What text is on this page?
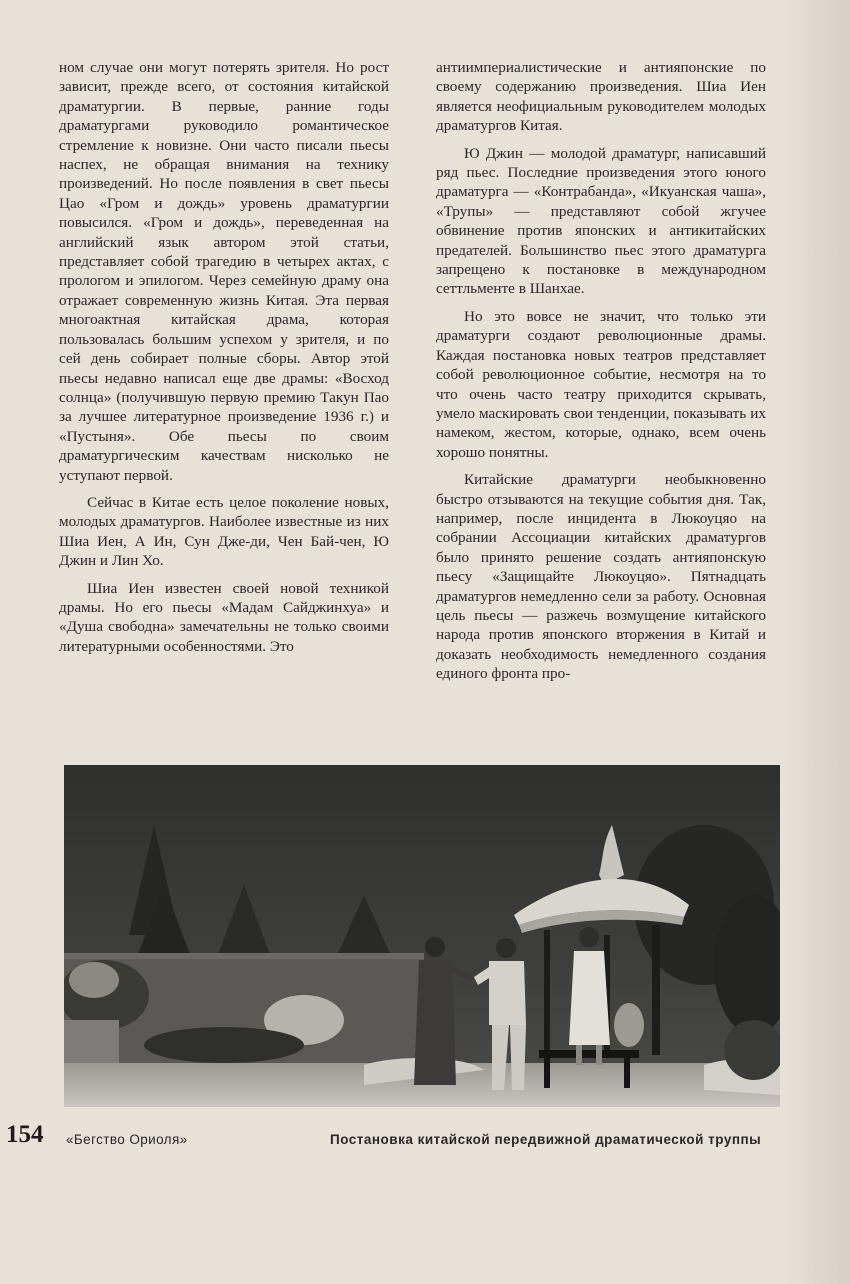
ном случае они могут потерять зрителя. Но рост зависит, прежде всего, от состояния китайской драматургии. В первые, ранние годы драматургами руководило романтическое стремление к новизне. Они часто писали пьесы наспех, не обращая внимания на технику произведений. Но после появления в свет пьесы Цао «Гром и дождь» уровень драматургии повысился. «Гром и дождь», переведенная на английский язык автором этой статьи, представляет собой трагедию в четырех актах, с прологом и эпилогом. Через семейную драму она отражает современную жизнь Китая. Эта первая многоактная китайская драма, которая пользовалась большим успехом у зрителя, и по сей день собирает полные сборы. Автор этой пьесы недавно написал еще две драмы: «Восход солнца» (получившую первую премию Такун Пао за лучшее литературное произведение 1936 г.) и «Пустыня». Обе пьесы по своим драматургическим качествам нисколько не уступают первой.

Сейчас в Китае есть целое поколение новых, молодых драматургов. Наиболее известные из них Шиа Иен, А Ин, Сун Дже-ди, Чен Бай-чен, Ю Джин и Лин Хо.

Шиа Иен известен своей новой техникой драмы. Но его пьесы «Мадам Сайджинхуа» и «Душа свободна» замечательны не только своими литературными особенностями. Это

антиимпериалистические и антияпонские по своему содержанию произведения. Шиа Иен является неофициальным руководителем молодых драматургов Китая.

Ю Джин — молодой драматург, написавший ряд пьес. Последние произведения этого юного драматурга — «Контрабанда», «Икуанская чаша», «Трупы» — представляют собой жгучее обвинение против японских и антикитайских предателей. Большинство пьес этого драматурга запрещено к постановке в международном сеттльменте в Шанхае.

Но это вовсе не значит, что только эти драматурги создают революционные драмы. Каждая постановка новых театров представляет собой революционное событие, несмотря на то что очень часто театру приходится скрывать, умело маскировать свои тенденции, показывать их намеком, жестом, которые, однако, всем очень хорошо понятны.

Китайские драматурги необыкновенно быстро отзываются на текущие события дня. Так, например, после инцидента в Люкоуцяо на собрании Ассоциации китайских драматургов было принято решение создать антияпонскую пьесу «Защищайте Люкоуцяо». Пятнадцать драматургов немедленно сели за работу. Основная цель пьесы — разжечь возмущение китайского народа против японского вторжения в Китай и доказать необходимость немедленного создания единого фронта про-

154 «Бегство Ориоля»	Постановка китайской передвижной драматической труппы
